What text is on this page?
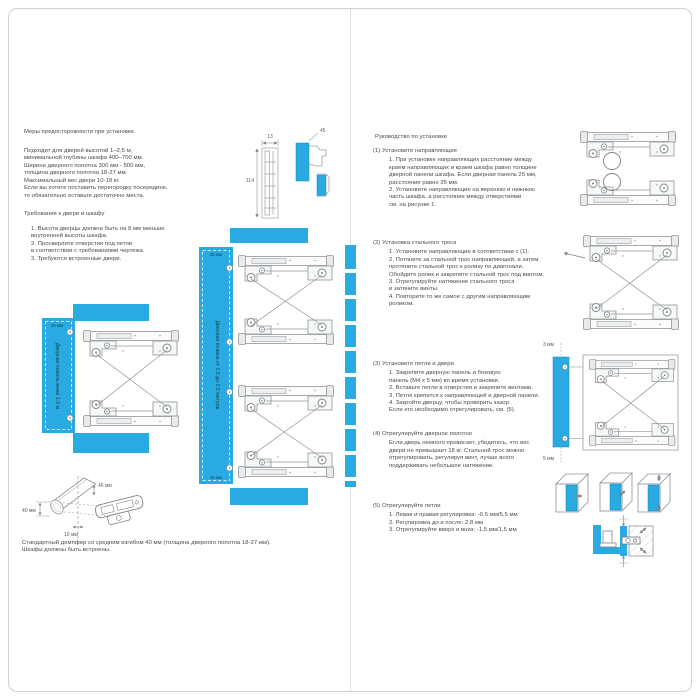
Меры предосторожности при установке.
Подходит для дверей высотой 1–2,5 м,
минимальной глубины шкафа 400–700 мм.
Ширина дверного полотна 300 мм - 500 мм,
толщина дверного полотна 18-27 мм.
Максимальный вес двери 10-18 кг.
Если вы хотите поставить перегородку посередине,
то обязательно оставьте достаточно места.
Требования к двери и шкафу
1. Высота дверцы должна быть на 8 мм меньше
внутренней высоты шкафа.
2. Просверлите отверстия под петли
в соответствии с требованиями чертежа.
3. Требуются встроенные двери.
Стандартный демпфер со средним изгибом 40 мм (толщина дверного полотна 18-27 мм).
Шкафы должны быть встроены.
13
114
45
45 мм
Дверная панель ниже 1,5 м
45 мм
45 мм
Дверная планка от 1,5 до 2,5 метров
46 мм
40 мм
10 мм
Руководство по установке
(1) Установите направляющие
1. При установке направляющих расстояние между
краем направляющих и краем шкафа равно толщине
дверной панели шкафа. Если дверная панель 25 мм,
расстояние равно 25 мм.
2. Установите направляющие на верхнюю и нижнюю
часть шкафа, а расстояние между отверстиями
см. на рисунке 1.
(2) Установка стального троса
1. Установите направляющие в соответствии с (1).
2. Потяните за стальной трос направляющей, а затем
протяните стальной трос к ролику по диагонали.
Обойдите ролик и закрепите стальной трос под винтом.
3. Отрегулируйте натяжение стального троса
и затяните винты.
4. Повторите то же самое с другим направляющим
роликом.
(3) Установите петли и двери
1. Закрепите дверную панель и боковую
панель (М4 х 5 мм) во время установки.
2. Вставьте петли в отверстия и закрепите винтами.
3. Петля крепится к направляющей и дверной панели.
4. Закройте дверцу, чтобы проверить зазор.
Если его необходимо отрегулировать, см. (5).
(4) Отрегулируйте дверное полотно
Если дверь немного провисает, убедитесь, что вес
двери не превышает 18 кг. Стальной трос можно
отрегулировать, регулируя винт, лучше всего
поддерживать небольшое натяжение.
(5) Отрегулируйте петли
1. Левая и правая регулировка: -0,5 мм/5,5 мм
2. Регулировка до и после: 2,8 мм
3. Отрегулируйте вверх и вниз: -1,5 мм/1,5 мм
3 мм
5 мм
